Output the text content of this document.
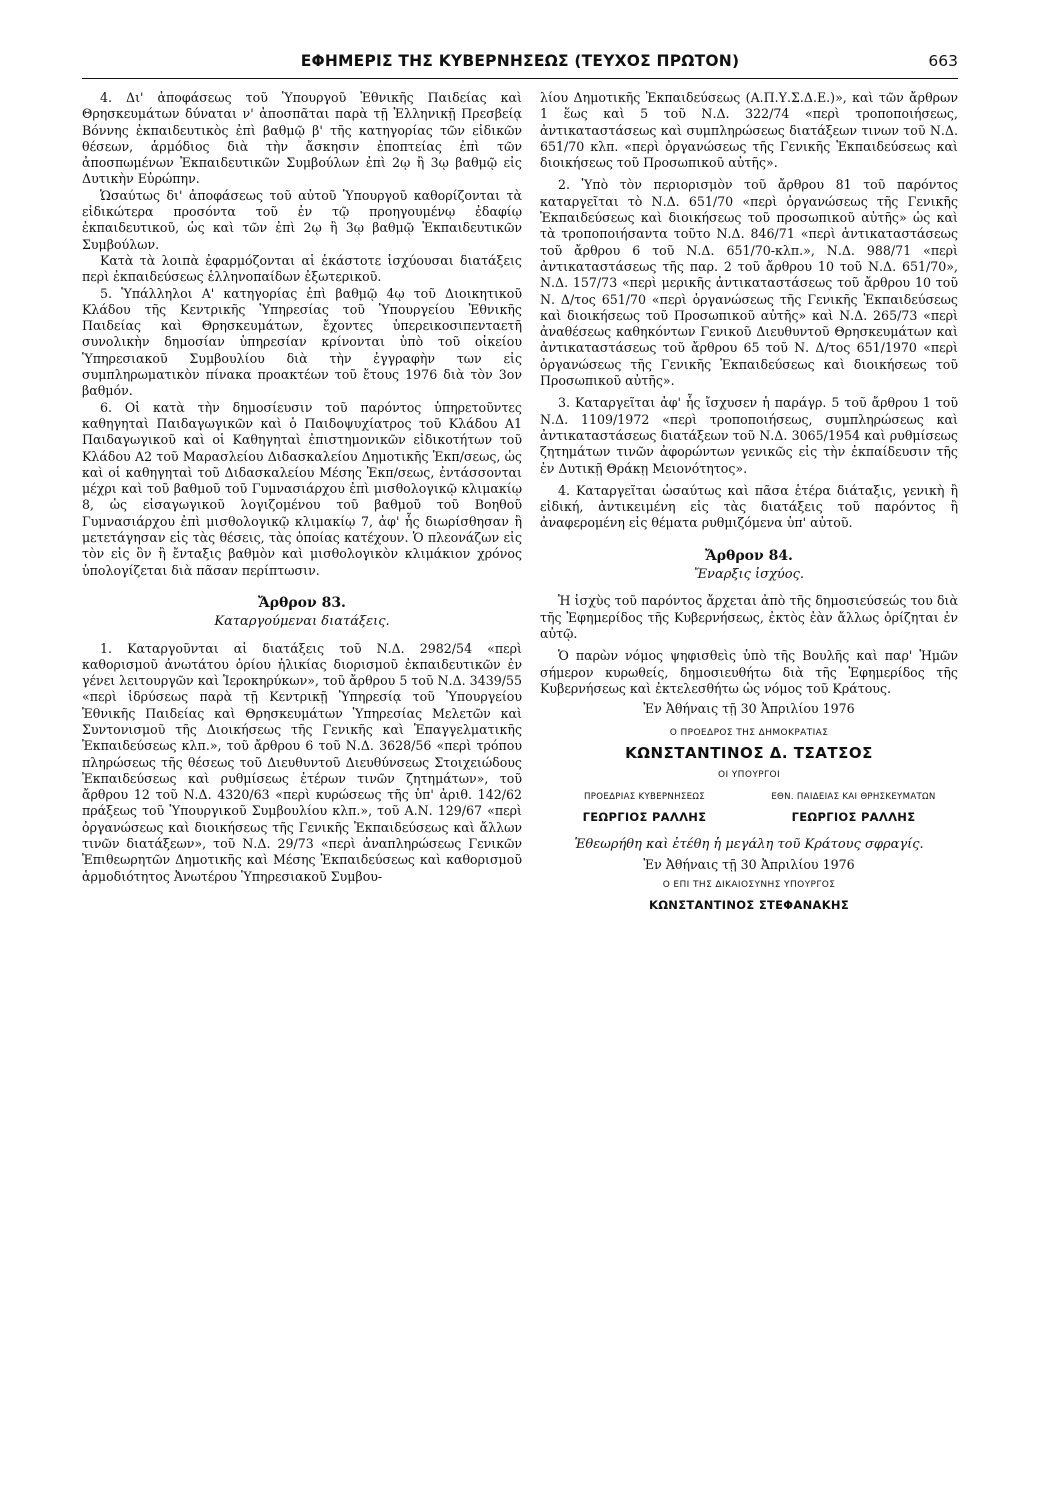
ΕΦΗΜΕΡΙΣ ΤΗΣ ΚΥΒΕΡΝΗΣΕΩΣ (ΤΕΥΧΟΣ ΠΡΩΤΟΝ)	663

4. Δι' ἀποφάσεως τοῦ Ὑπουργοῦ Ἐθνικῆς Παιδείας καὶ Θρησκευμάτων δύναται ν' ἀποσπᾶται παρὰ τῇ Ἑλληνικῇ Πρεσβείᾳ Βόννης ἐκπαιδευτικὸς ἐπὶ βαθμῷ β' τῆς κατηγορίας τῶν εἰδικῶν θέσεων, ἁρμόδιος διὰ τὴν ἄσκησιν ἐποπτείας ἐπὶ τῶν ἀποσπωμένων Ἐκπαιδευτικῶν Συμβούλων ἐπὶ 2ῳ ἢ 3ῳ βαθμῷ εἰς Δυτικὴν Εὐρώπην.

Ὡσαύτως δι' ἀποφάσεως τοῦ αὐτοῦ Ὑπουργοῦ καθορίζονται τὰ εἰδικώτερα προσόντα τοῦ ἐν τῷ προηγουμένῳ ἐδαφίῳ ἐκπαιδευτικοῦ, ὡς καὶ τῶν ἐπὶ 2ῳ ἢ 3ῳ βαθμῷ Ἐκπαιδευτικῶν Συμβούλων.

Κατὰ τὰ λοιπὰ ἐφαρμόζονται αἱ ἑκάστοτε ἰσχύουσαι διατάξεις περὶ ἐκπαιδεύσεως ἑλληνοπαίδων ἐξωτερικοῦ.

5. Ὑπάλληλοι Α' κατηγορίας ἐπὶ βαθμῷ 4ῳ τοῦ Διοικητικοῦ Κλάδου τῆς Κεντρικῆς Ὑπηρεσίας τοῦ Ὑπουργείου Ἐθνικῆς Παιδείας καὶ Θρησκευμάτων, ἔχοντες ὑπερεικοσιπενταετῆ συνολικὴν δημοσίαν ὑπηρεσίαν κρίνονται ὑπὸ τοῦ οἰκείου Ὑπηρεσιακοῦ Συμβουλίου διὰ τὴν ἐγγραφὴν των εἰς συμπληρωματικὸν πίνακα προακτέων τοῦ ἔτους 1976 διὰ τὸν 3ον βαθμόν.

6. Οἱ κατὰ τὴν δημοσίευσιν τοῦ παρόντος ὑπηρετοῦντες καθηγηταὶ Παιδαγωγικῶν καὶ ὁ Παιδοψυχίατρος τοῦ Κλάδου Α1 Παιδαγωγικοῦ καὶ οἱ Καθηγηταὶ ἐπιστημονικῶν εἰδικοτήτων τοῦ Κλάδου Α2 τοῦ Μαρασλείου Διδασκαλείου Δημοτικῆς Ἐκπ/σεως, ὡς καὶ οἱ καθηγηταὶ τοῦ Διδασκαλείου Μέσης Ἐκπ/σεως, ἐντάσσονται μέχρι καὶ τοῦ βαθμοῦ τοῦ Γυμνασιάρχου ἐπὶ μισθολογικῷ κλιμακίῳ 8, ὡς εἰσαγωγικοῦ λογιζομένου τοῦ βαθμοῦ τοῦ Βοηθοῦ Γυμνασιάρχου ἐπὶ μισθολογικῷ κλιμακίῳ 7, ἀφ' ἧς διωρίσθησαν ἢ μετετάγησαν εἰς τὰς θέσεις, τὰς ὁποίας κατέχουν. Ὁ πλεονάζων εἰς τὸν εἰς ὃν ἢ ἔνταξις βαθμὸν καὶ μισθολογικὸν κλιμάκιον χρόνος ὑπολογίζεται διὰ πᾶσαν περίπτωσιν.

Ἄρθρον 83.
Καταργούμεναι διατάξεις.

1. Καταργοῦνται αἱ διατάξεις τοῦ Ν.Δ. 2982/54 «περὶ καθορισμοῦ ἀνωτάτου ὁρίου ἡλικίας διορισμοῦ ἐκπαιδευτικῶν ἐν γένει λειτουργῶν καὶ Ἱεροκηρύκων», τοῦ ἄρθρου 5 τοῦ Ν.Δ. 3439/55 «περὶ ἱδρύσεως παρὰ τῇ Κεντρικῇ Ὑπηρεσίᾳ τοῦ Ὑπουργείου Ἐθνικῆς Παιδείας καὶ Θρησκευμάτων Ὑπηρεσίας Μελετῶν καὶ Συντονισμοῦ τῆς Διοικήσεως τῆς Γενικῆς καὶ Ἐπαγγελματικῆς Ἐκπαιδεύσεως κλπ.», τοῦ ἄρθρου 6 τοῦ Ν.Δ. 3628/56 «περὶ τρόπου πληρώσεως τῆς θέσεως τοῦ Διευθυντοῦ Διευθύνσεως Στοιχειώδους Ἐκπαιδεύσεως καὶ ρυθμίσεως ἑτέρων τινῶν ζητημάτων», τοῦ ἄρθρου 12 τοῦ Ν.Δ. 4320/63 «περὶ κυρώσεως τῆς ὑπ' ἀριθ. 142/62 πράξεως τοῦ Ὑπουργικοῦ Συμβουλίου κλπ.», τοῦ Α.Ν. 129/67 «περὶ ὀργανώσεως καὶ διοικήσεως τῆς Γενικῆς Ἐκπαιδεύσεως καὶ ἄλλων τινῶν διατάξεων», τοῦ Ν.Δ. 29/73 «περὶ ἀναπληρώσεως Γενικῶν Ἐπιθεωρητῶν Δημοτικῆς καὶ Μέσης Ἐκπαιδεύσεως καὶ καθορισμοῦ ἁρμοδιότητος Ἀνωτέρου Ὑπηρεσιακοῦ Συμβου-

λίου Δημοτικῆς Ἐκπαιδεύσεως (Α.Π.Υ.Σ.Δ.Ε.)», καὶ τῶν ἄρθρων 1 ἕως καὶ 5 τοῦ Ν.Δ. 322/74 «περὶ τροποποιήσεως, ἀντικαταστάσεως καὶ συμπληρώσεως διατάξεων τινων τοῦ Ν.Δ. 651/70 κλπ. «περὶ ὀργανώσεως τῆς Γενικῆς Ἐκπαιδεύσεως καὶ διοικήσεως τοῦ Προσωπικοῦ αὐτῆς».

2. Ὑπὸ τὸν περιορισμὸν τοῦ ἄρθρου 81 τοῦ παρόντος καταργεῖται τὸ Ν.Δ. 651/70 «περὶ ὀργανώσεως τῆς Γενικῆς Ἐκπαιδεύσεως καὶ διοικήσεως τοῦ προσωπικοῦ αὐτῆς» ὡς καὶ τὰ τροποποιήσαντα τοῦτο Ν.Δ. 846/71 «περὶ ἀντικαταστάσεως τοῦ ἄρθρου 6 τοῦ Ν.Δ. 651/70-κλπ.», Ν.Δ. 988/71 «περὶ ἀντικαταστάσεως τῆς παρ. 2 τοῦ ἄρθρου 10 τοῦ Ν.Δ. 651/70», Ν.Δ. 157/73 «περὶ μερικῆς ἀντικαταστάσεως τοῦ ἄρθρου 10 τοῦ Ν. Δ/τος 651/70 «περὶ ὀργανώσεως τῆς Γενικῆς Ἐκπαιδεύσεως καὶ διοικήσεως τοῦ Προσωπικοῦ αὐτῆς» καὶ Ν.Δ. 265/73 «περὶ ἀναθέσεως καθηκόντων Γενικοῦ Διευθυντοῦ Θρησκευμάτων καὶ ἀντικαταστάσεως τοῦ ἄρθρου 65 τοῦ Ν. Δ/τος 651/1970 «περὶ ὀργανώσεως τῆς Γενικῆς Ἐκπαιδεύσεως καὶ διοικήσεως τοῦ Προσωπικοῦ αὐτῆς».

3. Καταργεῖται ἀφ' ἧς ἴσχυσεν ἡ παράγρ. 5 τοῦ ἄρθρου 1 τοῦ Ν.Δ. 1109/1972 «περὶ τροποποιήσεως, συμπληρώσεως καὶ ἀντικαταστάσεως διατάξεων τοῦ Ν.Δ. 3065/1954 καὶ ρυθμίσεως ζητημάτων τινῶν ἀφορώντων γενικῶς εἰς τὴν ἐκπαίδευσιν τῆς ἐν Δυτικῇ Θράκῃ Μειονότητος».

4. Καταργεῖται ὡσαύτως καὶ πᾶσα ἑτέρα διάταξις, γενικὴ ἢ εἰδική, ἀντικειμένη εἰς τὰς διατάξεις τοῦ παρόντος ἢ ἀναφερομένη εἰς θέματα ρυθμιζόμενα ὑπ' αὐτοῦ.

Ἄρθρον 84.
Ἔναρξις ἰσχύος.

Ἡ ἰσχὺς τοῦ παρόντος ἄρχεται ἀπὸ τῆς δημοσιεύσεώς του διὰ τῆς Ἐφημερίδος τῆς Κυβερνήσεως, ἐκτὸς ἐὰν ἄλλως ὁρίζηται ἐν αὐτῷ.

Ὁ παρὼν νόμος ψηφισθεὶς ὑπὸ τῆς Βουλῆς καὶ παρ' Ἡμῶν σήμερον κυρωθείς, δημοσιευθήτω διὰ τῆς Ἐφημερίδος τῆς Κυβερνήσεως καὶ ἐκτελεσθήτω ὡς νόμος τοῦ Κράτους.

Ἐν Ἀθήναις τῇ 30 Ἀπριλίου 1976
Ο ΠΡΟΕΔΡΟΣ ΤΗΣ ΔΗΜΟΚΡΑΤΙΑΣ
ΚΩΝΣΤΑΝΤΙΝΟΣ Δ. ΤΣΑΤΣΟΣ
ΟΙ ΥΠΟΥΡΓΟΙ
ΠΡΟΕΔΡΙΑΣ ΚΥΒΕΡΝΗΣΕΩΣ
ΓΕΩΡΓΙΟΣ ΡΑΛΛΗΣ
ΕΘΝ. ΠΑΙΔΕΙΑΣ ΚΑΙ ΘΡΗΣΚΕΥΜΑΤΩΝ
ΓΕΩΡΓΙΟΣ ΡΑΛΛΗΣ
Ἐθεωρήθη καὶ ἐτέθη ἡ μεγάλη τοῦ Κράτους σφραγίς.
Ἐν Ἀθήναις τῇ 30 Ἀπριλίου 1976
Ο ΕΠΙ ΤΗΣ ΔΙΚΑΙΟΣΥΝΗΣ ΥΠΟΥΡΓΟΣ
ΚΩΝΣΤΑΝΤΙΝΟΣ ΣΤΕΦΑΝΑΚΗΣ
